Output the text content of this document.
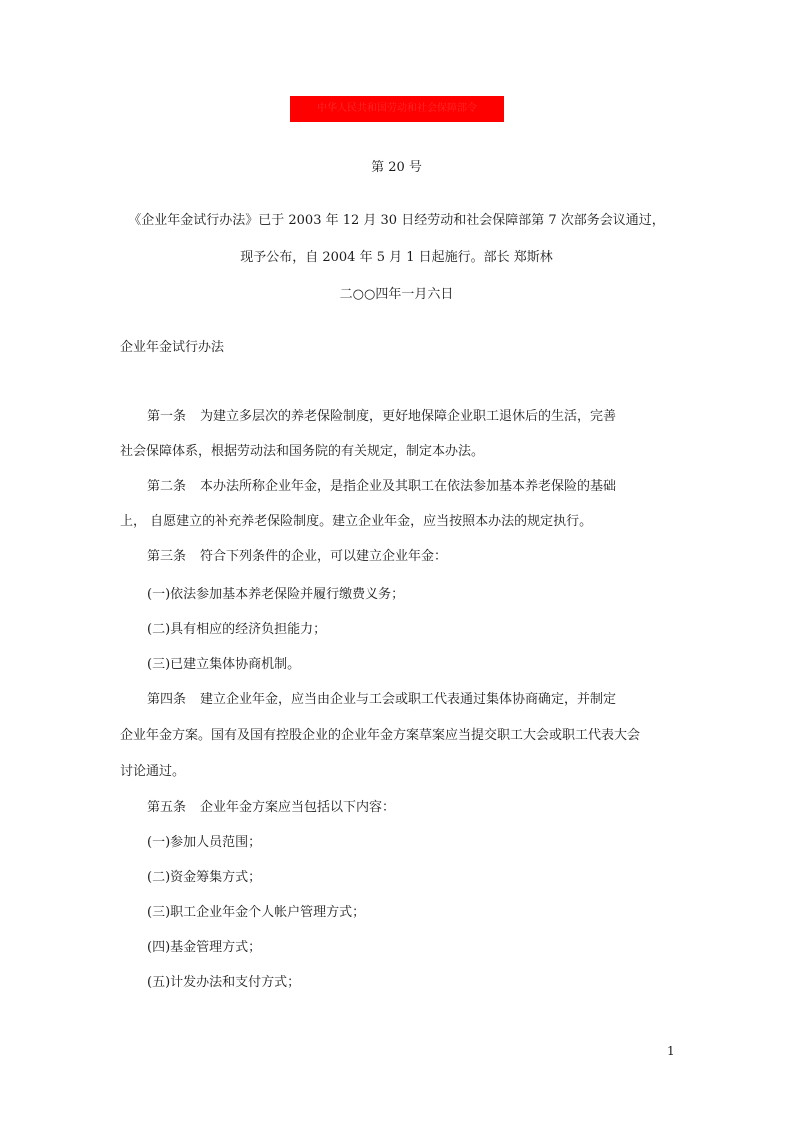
中华人民共和国劳动和社会保障部令
第 20 号
《企业年金试行办法》已于 2003 年 12 月 30 日经劳动和社会保障部第 7 次部务会议通过，
现予公布，自 2004 年 5 月 1 日起施行。部长 郑斯林
二○○四年一月六日
企业年金试行办法
第一条 为建立多层次的养老保险制度，更好地保障企业职工退休后的生活，完善
社会保障体系，根据劳动法和国务院的有关规定，制定本办法。
第二条 本办法所称企业年金，是指企业及其职工在依法参加基本养老保险的基础
上， 自愿建立的补充养老保险制度。建立企业年金，应当按照本办法的规定执行。
第三条 符合下列条件的企业，可以建立企业年金：
(一)依法参加基本养老保险并履行缴费义务；
(二)具有相应的经济负担能力；
(三)已建立集体协商机制。
第四条 建立企业年金，应当由企业与工会或职工代表通过集体协商确定，并制定
企业年金方案。国有及国有控股企业的企业年金方案草案应当提交职工大会或职工代表大会
讨论通过。
第五条 企业年金方案应当包括以下内容：
(一)参加人员范围；
(二)资金筹集方式；
(三)职工企业年金个人帐户管理方式；
(四)基金管理方式；
(五)计发办法和支付方式；
1
